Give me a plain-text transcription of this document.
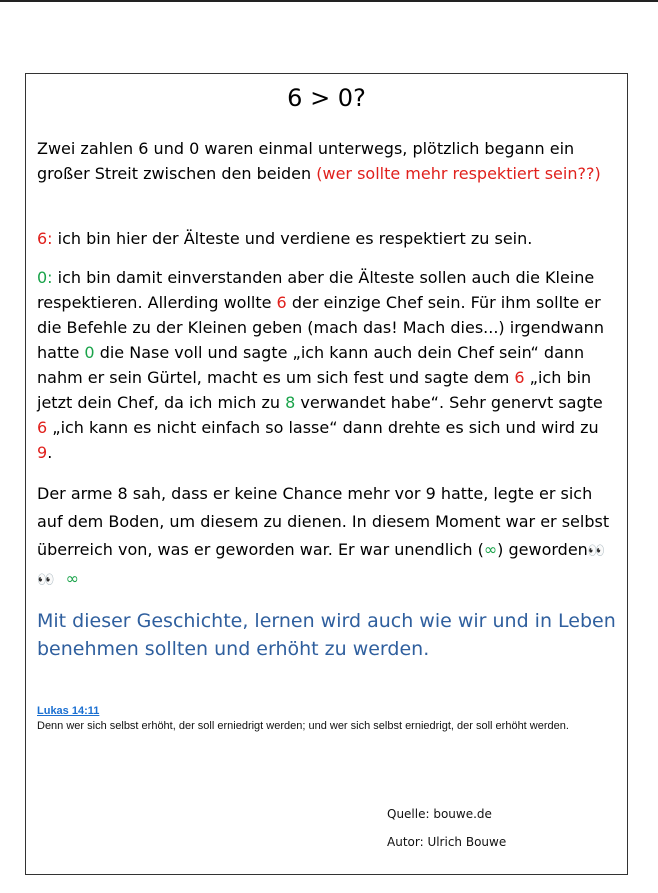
6 > 0?

Zwei zahlen 6 und 0 waren einmal unterwegs, plötzlich begann ein großer Streit zwischen den beiden (wer sollte mehr respektiert sein??)

6: ich bin hier der Älteste und verdiene es respektiert zu sein.

0: ich bin damit einverstanden aber die Älteste sollen auch die Kleine respektieren. Allerding wollte 6 der einzige Chef sein. Für ihm sollte er die Befehle zu der Kleinen geben (mach das! Mach dies...) irgendwann hatte 0 die Nase voll und sagte „ich kann auch dein Chef sein“ dann nahm er sein Gürtel, macht es um sich fest und sagte dem 6 „ich bin jetzt dein Chef, da ich mich zu 8 verwandet habe“. Sehr genervt sagte 6 „ich kann es nicht einfach so lasse“ dann drehte es sich und wird zu 9.

Der arme 8 sah, dass er keine Chance mehr vor 9 hatte, legte er sich auf dem Boden, um diesem zu dienen. In diesem Moment war er selbst überreich von, was er geworden war. Er war unendlich (∞) geworden👀 👀 ∞

Mit dieser Geschichte, lernen wird auch wie wir und in Leben benehmen sollten und erhöht zu werden.
Lukas 14:11
Denn wer sich selbst erhöht, der soll erniedrigt werden; und wer sich selbst erniedrigt, der soll erhöht werden.
Quelle: bouwe.de
Autor: Ulrich Bouwe
